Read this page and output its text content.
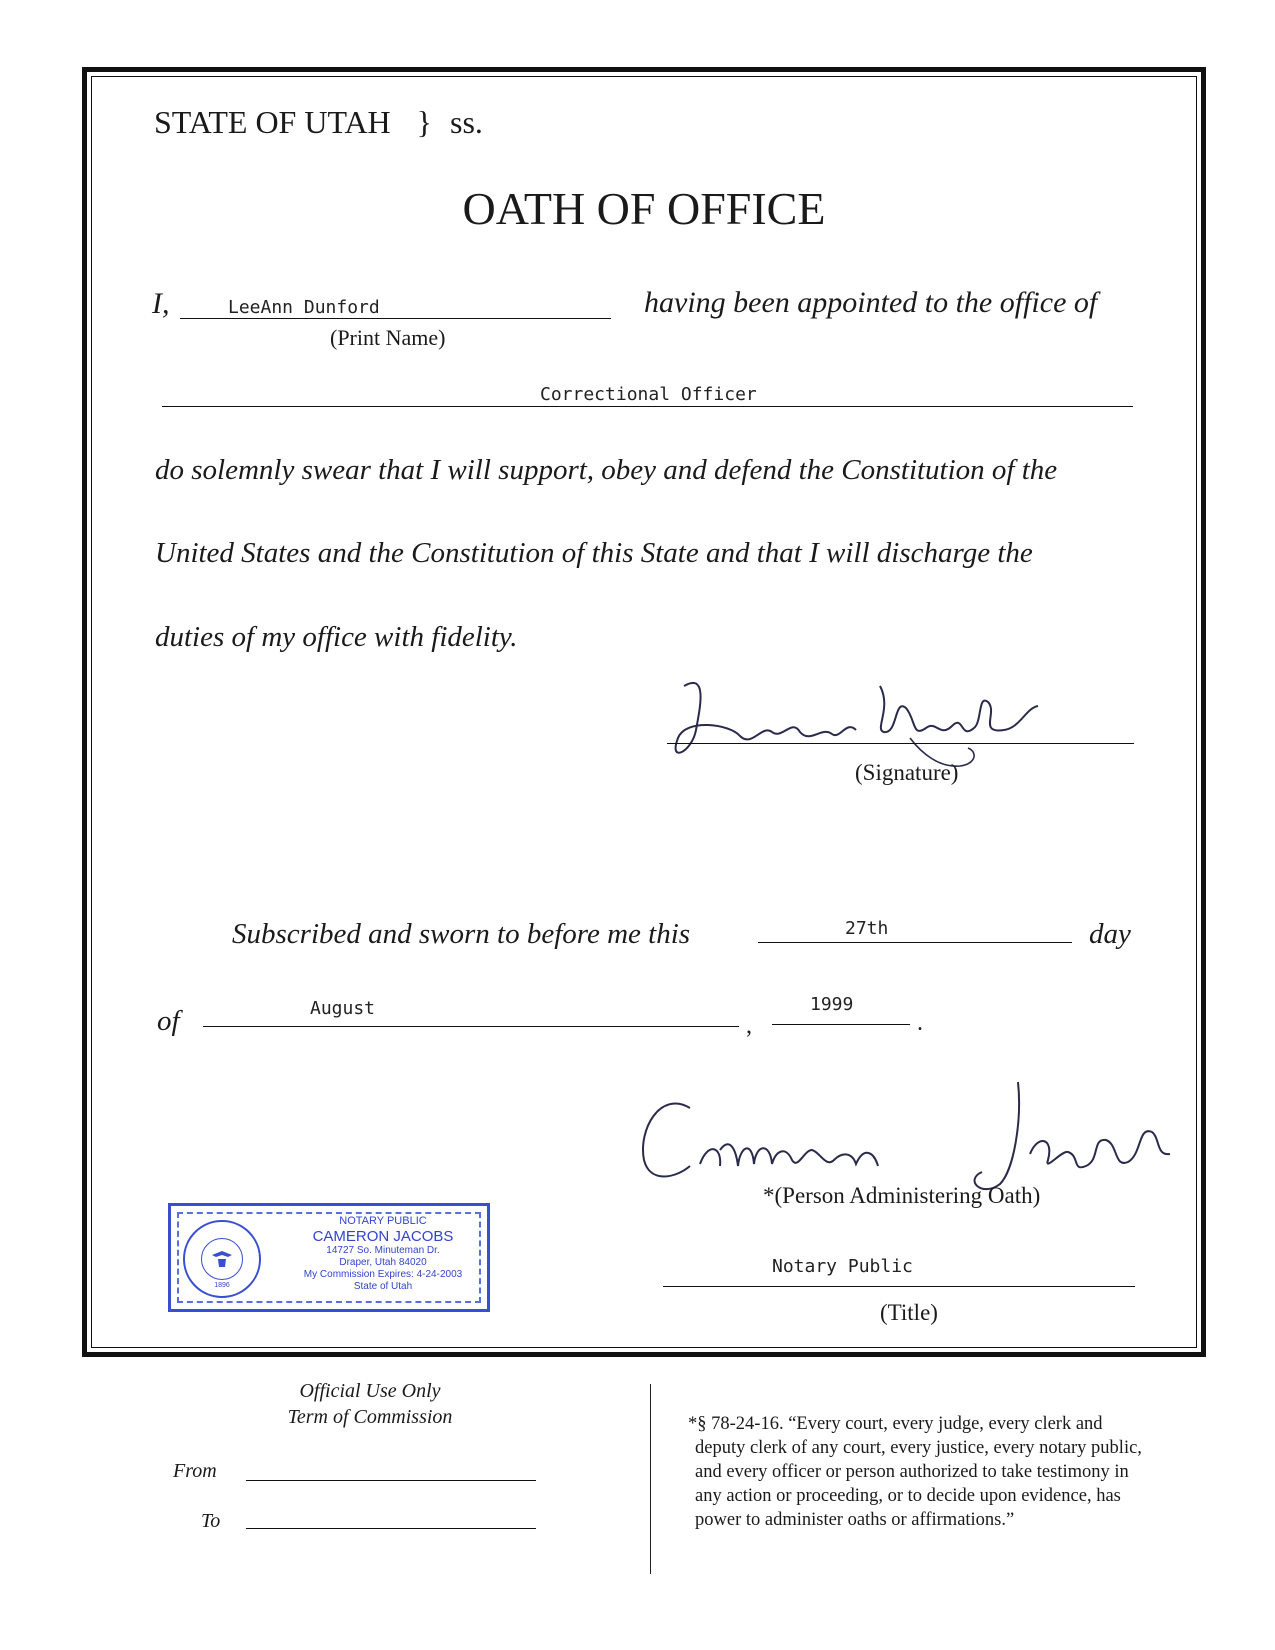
STATE OF UTAH } ss.
OATH OF OFFICE
I,	LeeAnn Dunford
(Print Name)
having been appointed to the office of
Correctional Officer
do solemnly swear that I will support, obey and defend the Constitution of the
United States and the Constitution of this State and that I will discharge the
duties of my office with fidelity.
(Signature)
Subscribed and sworn to before me this	27th	day
of	August
,
1999
.
*(Person Administering Oath)
Notary Public
(Title)
1896
NOTARY PUBLIC
CAMERON JACOBS
14727 So. Minuteman Dr.
Draper, Utah 84020
My Commission Expires: 4-24-2003
State of Utah
Official Use Only
Term of Commission
From
To
*§ 78-24-16. “Every court, every judge, every clerk and
deputy clerk of any court, every justice, every notary public,
and every officer or person authorized to take testimony in
any action or proceeding, or to decide upon evidence, has
power to administer oaths or affirmations.”
